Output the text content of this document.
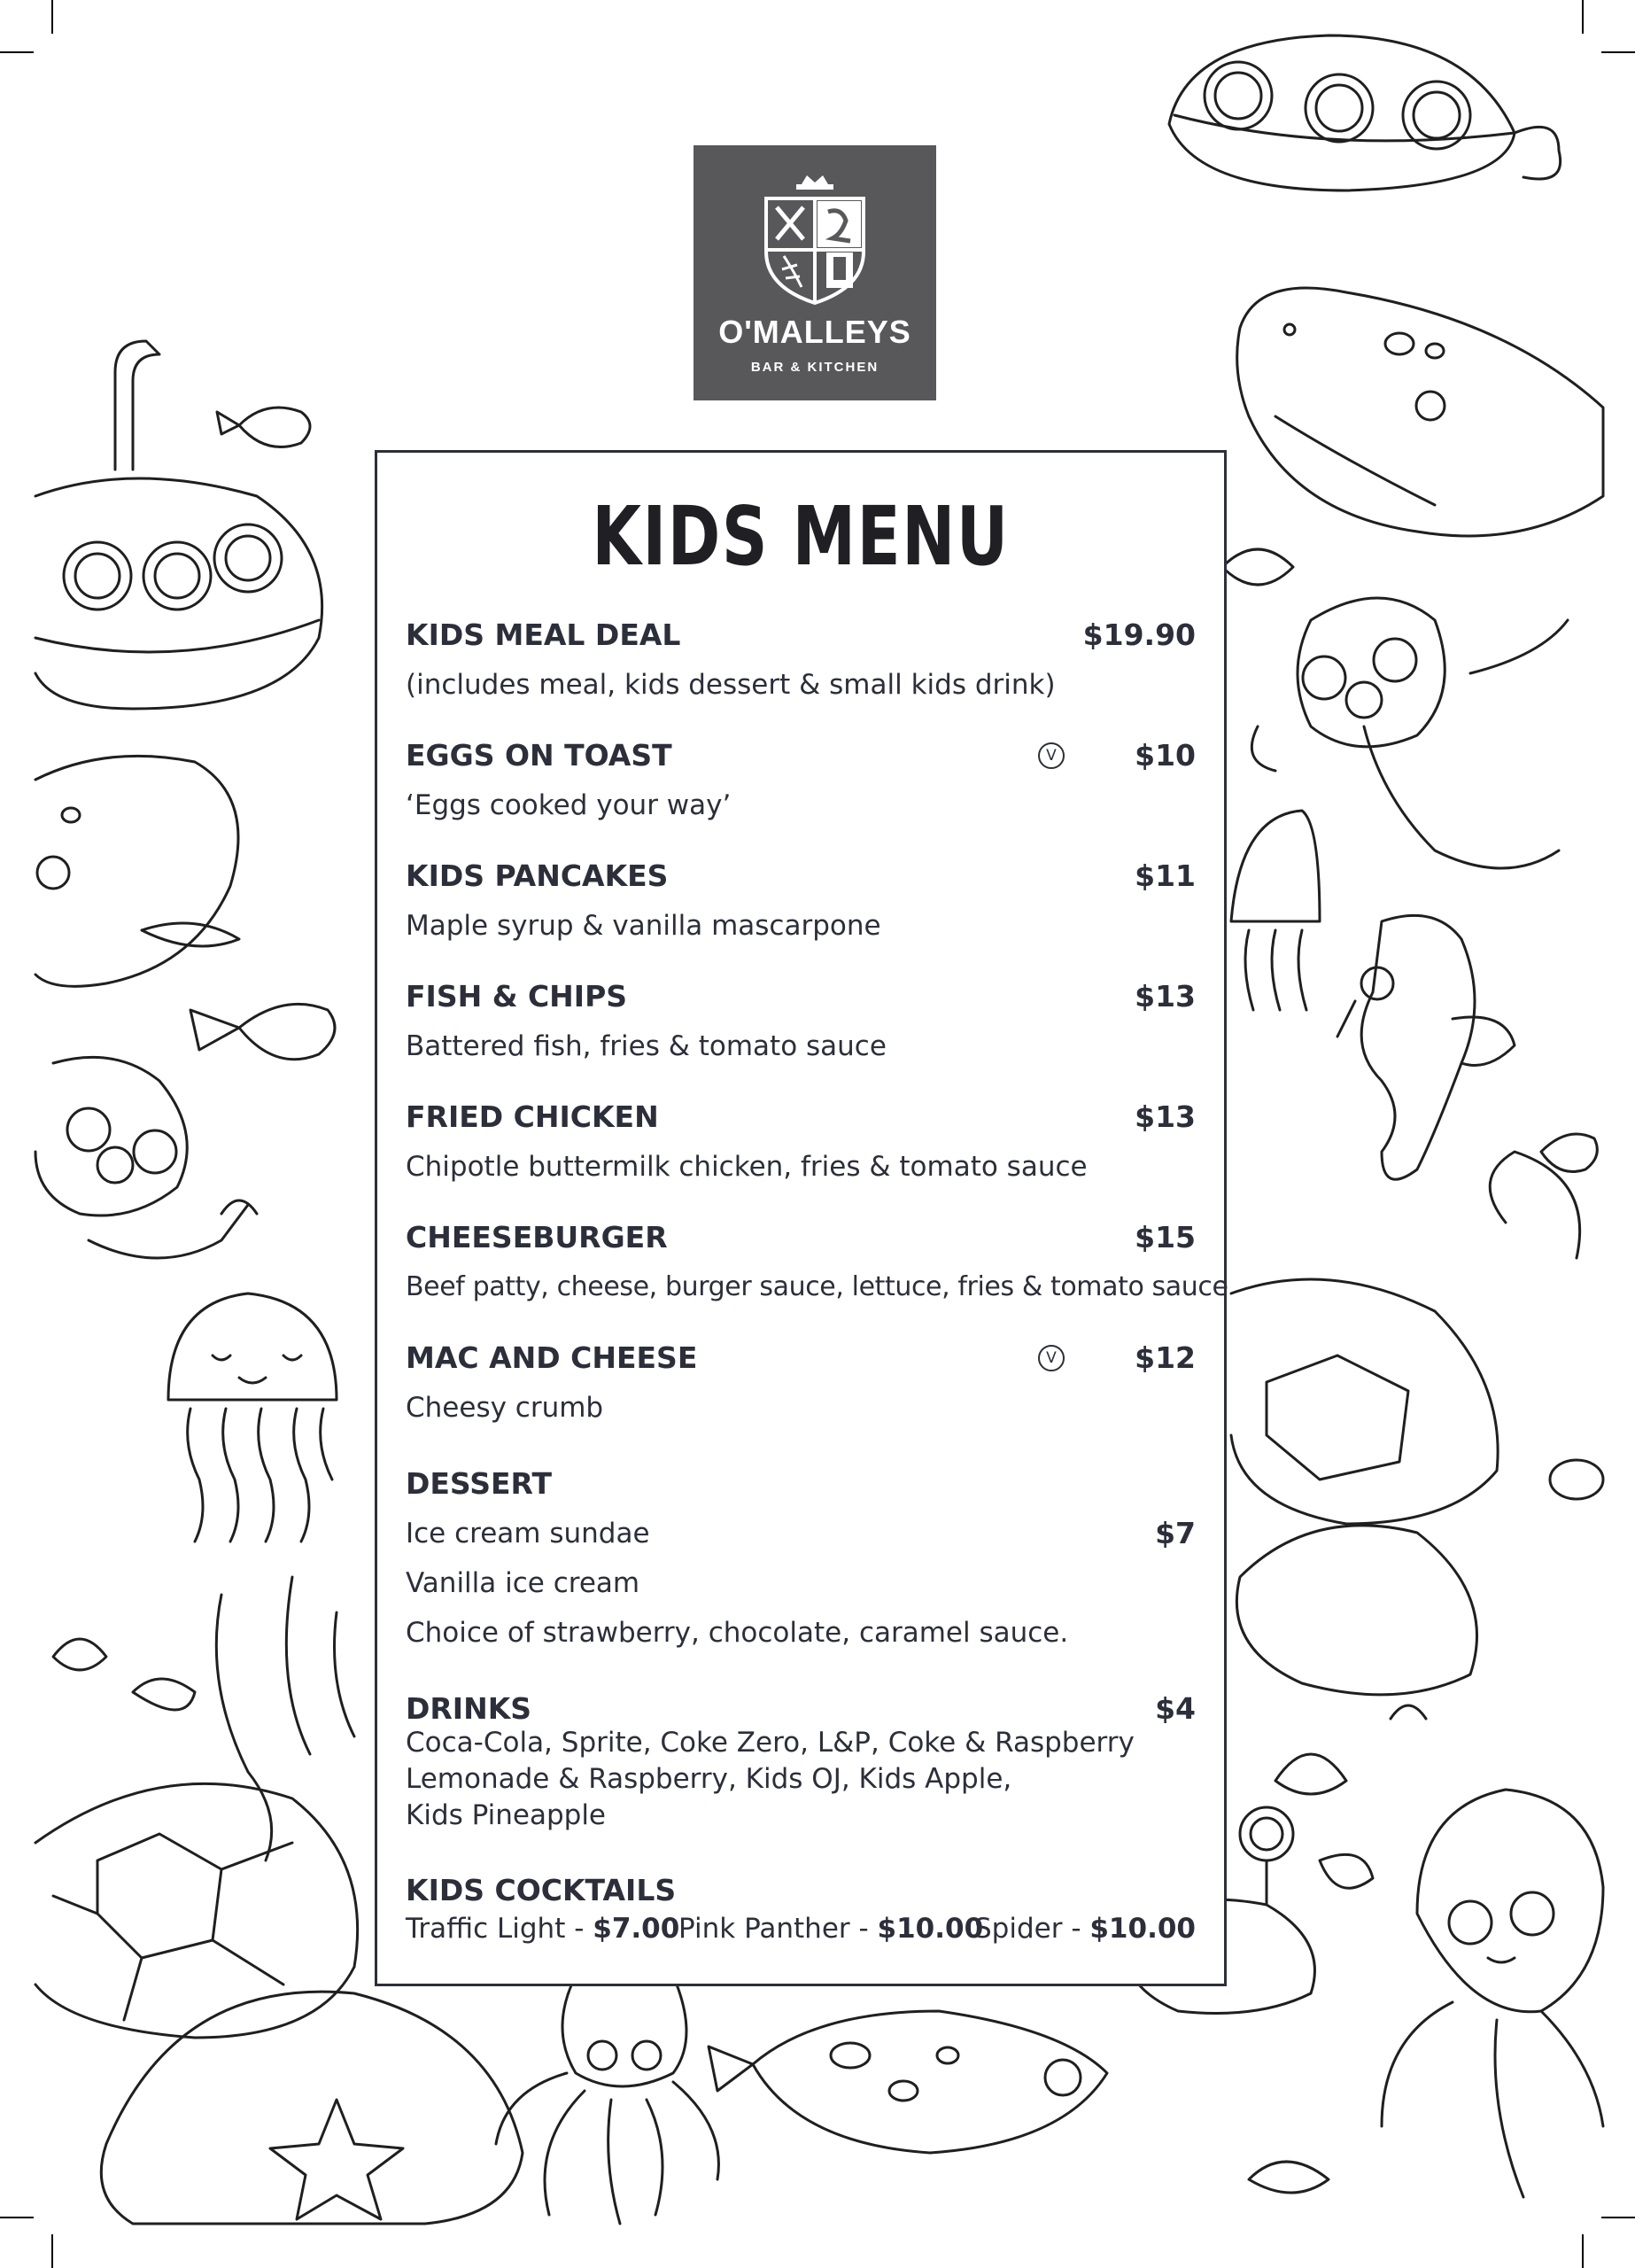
O'MALLEYS
BAR & KITCHEN
KIDS MENU
KIDS MEAL DEAL	$19.90
(includes meal, kids dessert & small kids drink)
EGGS ON TOAST	V	$10
‘Eggs cooked your way’
KIDS PANCAKES	$11
Maple syrup & vanilla mascarpone
FISH & CHIPS	$13
Battered fish, fries & tomato sauce
FRIED CHICKEN	$13
Chipotle buttermilk chicken, fries & tomato sauce
CHEESEBURGER	$15
Beef patty, cheese, burger sauce, lettuce, fries & tomato sauce
MAC AND CHEESE	V	$12
Cheesy crumb
DESSERT
Ice cream sundae	$7
Vanilla ice cream
Choice of strawberry, chocolate, caramel sauce.
DRINKS	$4
Coca-Cola, Sprite, Coke Zero, L&P, Coke & Raspberry
Lemonade & Raspberry, Kids OJ, Kids Apple,
Kids Pineapple
KIDS COCKTAILS
Traffic Light - $7.00
Pink Panther - $10.00
Spider - $10.00
